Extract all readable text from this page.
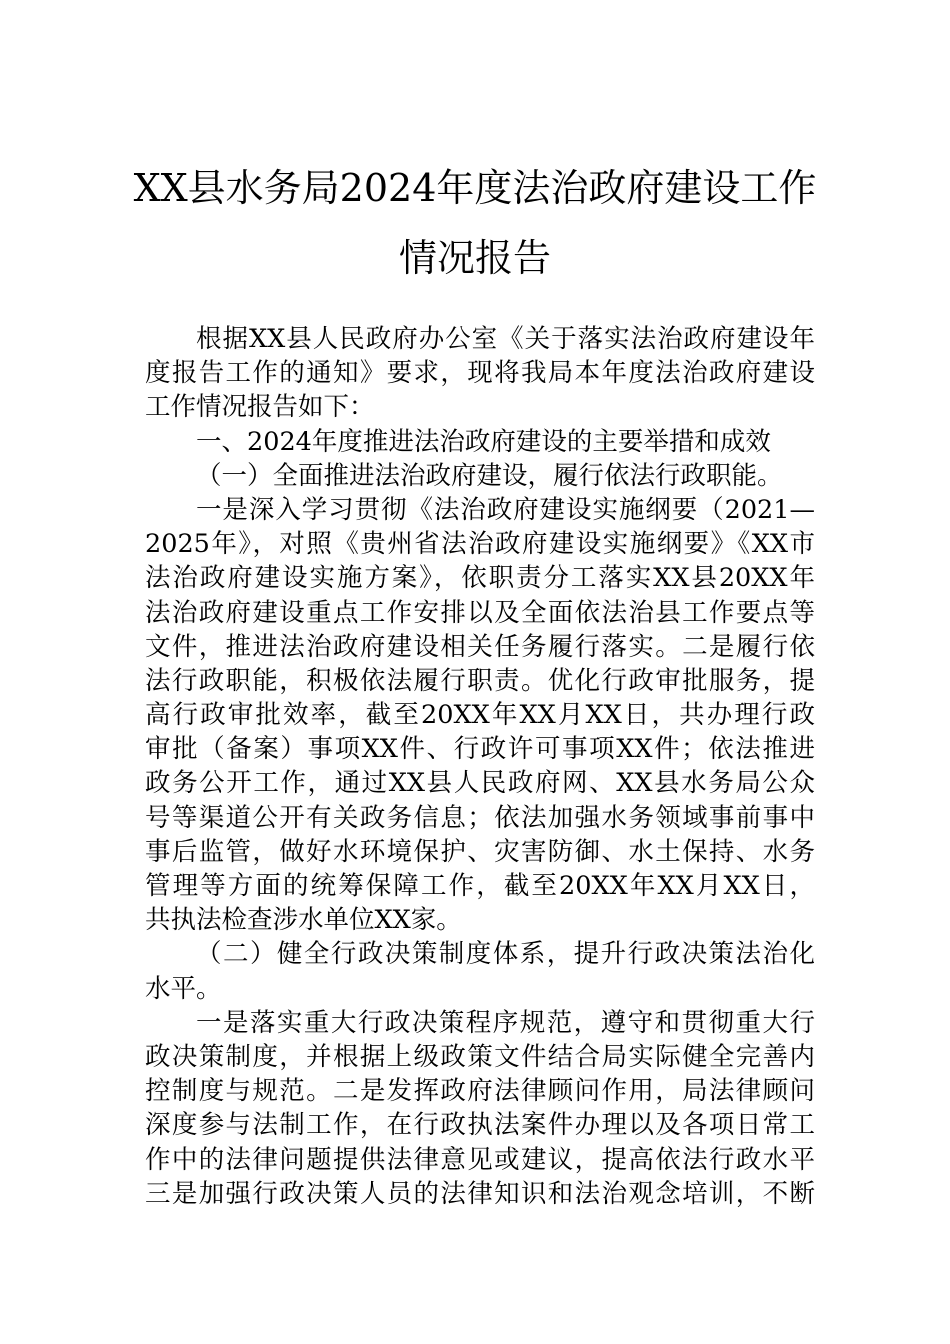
XX县水务局2024年度法治政府建设工作
情况报告
根据XX县人民政府办公室《关于落实法治政府建设年
度报告工作的通知》要求，现将我局本年度法治政府建设
工作情况报告如下：
一、2024年度推进法治政府建设的主要举措和成效
（一）全面推进法治政府建设，履行依法行政职能。
一是深入学习贯彻《法治政府建设实施纲要（2021—
2025年》，对照《贵州省法治政府建设实施纲要》《XX市
法治政府建设实施方案》，依职责分工落实XX县20XX年
法治政府建设重点工作安排以及全面依法治县工作要点等
文件，推进法治政府建设相关任务履行落实。二是履行依
法行政职能，积极依法履行职责。优化行政审批服务，提
高行政审批效率，截至20XX年XX月XX日，共办理行政
审批（备案）事项XX件、行政许可事项XX件；依法推进
政务公开工作，通过XX县人民政府网、XX县水务局公众
号等渠道公开有关政务信息；依法加强水务领域事前事中
事后监管，做好水环境保护、灾害防御、水土保持、水务
管理等方面的统筹保障工作，截至20XX年XX月XX日，
共执法检查涉水单位XX家。
（二）健全行政决策制度体系，提升行政决策法治化
水平。
一是落实重大行政决策程序规范，遵守和贯彻重大行
政决策制度，并根据上级政策文件结合局实际健全完善内
控制度与规范。二是发挥政府法律顾问作用，局法律顾问
深度参与法制工作，在行政执法案件办理以及各项日常工
作中的法律问题提供法律意见或建议，提高依法行政水平
三是加强行政决策人员的法律知识和法治观念培训，不断
